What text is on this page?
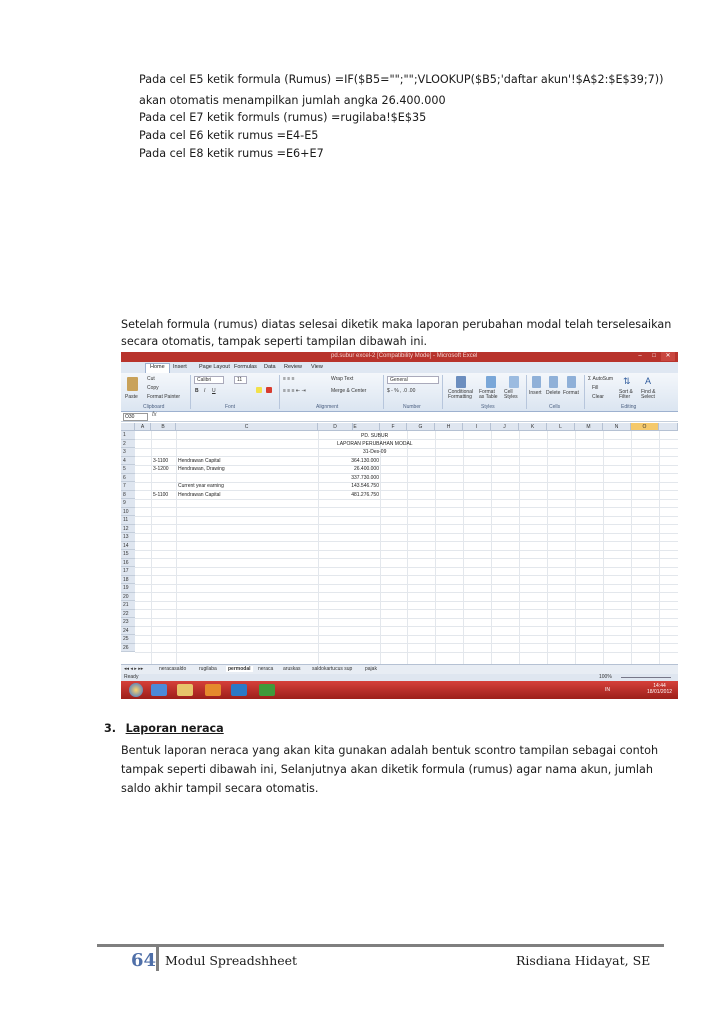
Pada cel E5 ketik formula (Rumus) =IF($B5="";"";VLOOKUP($B5;'daftar akun'!$A$2:$E$39;7))
akan otomatis menampilkan jumlah angka 26.400.000
Pada cel E7 ketik formuls (rumus) =rugilaba!$E$35
Pada cel E6 ketik rumus =E4-E5
Pada cel E8 ketik rumus =E6+E7
Setelah formula (rumus) diatas selesai diketik maka laporan perubahan modal telah terselesaikan
secara otomatis, tampak seperti tampilan dibawah ini.
pd.subur excel-2 [Compatibility Mode] - Microsoft Excel	–	□	✕
Home	Insert Page Layout Formulas Data Review View
Paste
Cut
Copy
Format Painter
Clipboard
Calibri	11
B I U
Font
≡ ≡ ≡
≡ ≡ ≡ ⇤ ⇥
Wrap Text
Merge & Center
Alignment
General
$ - % , .0 .00
Number
Conditional Formatting
Format as Table
Cell Styles
Styles
Insert Delete Format
Cells
Σ AutoSum
Fill
Clear
⇅
Sort & Filter
A
Find & Select
Editing
O30	fx
A	B	C	D	E	F	G	H	I	J	K	L	M	N	O
1
2
3
4
5
6
7
8
9
10
11
12
13
14
15
16
17
18
19
20
21
22
23
24
25
26
PD. SUBUR
LAPORAN PERUBAHAN MODAL
31-Des-09
3-1100 Hendrawan Capital	364.130.000
3-1200 Hendrawan, Drawing	26.400.000
337.730.000
Current year earning	143.546.750
5-1100 Hendrawan Capital	481.276.750
◂◂ ◂ ▸ ▸▸	neracasaldo	rugilaba	permodal	neraca aruskas saldokartucus sup	pajak
Ready	100%
IN
14:44
18/01/2012
3. Laporan neraca
Bentuk laporan neraca yang akan kita gunakan adalah bentuk scontro tampilan sebagai contoh
tampak seperti dibawah ini, Selanjutnya akan diketik formula (rumus) agar nama akun, jumlah
saldo akhir tampil secara otomatis.
64 Modul Spreadshheet	Risdiana Hidayat, SE
